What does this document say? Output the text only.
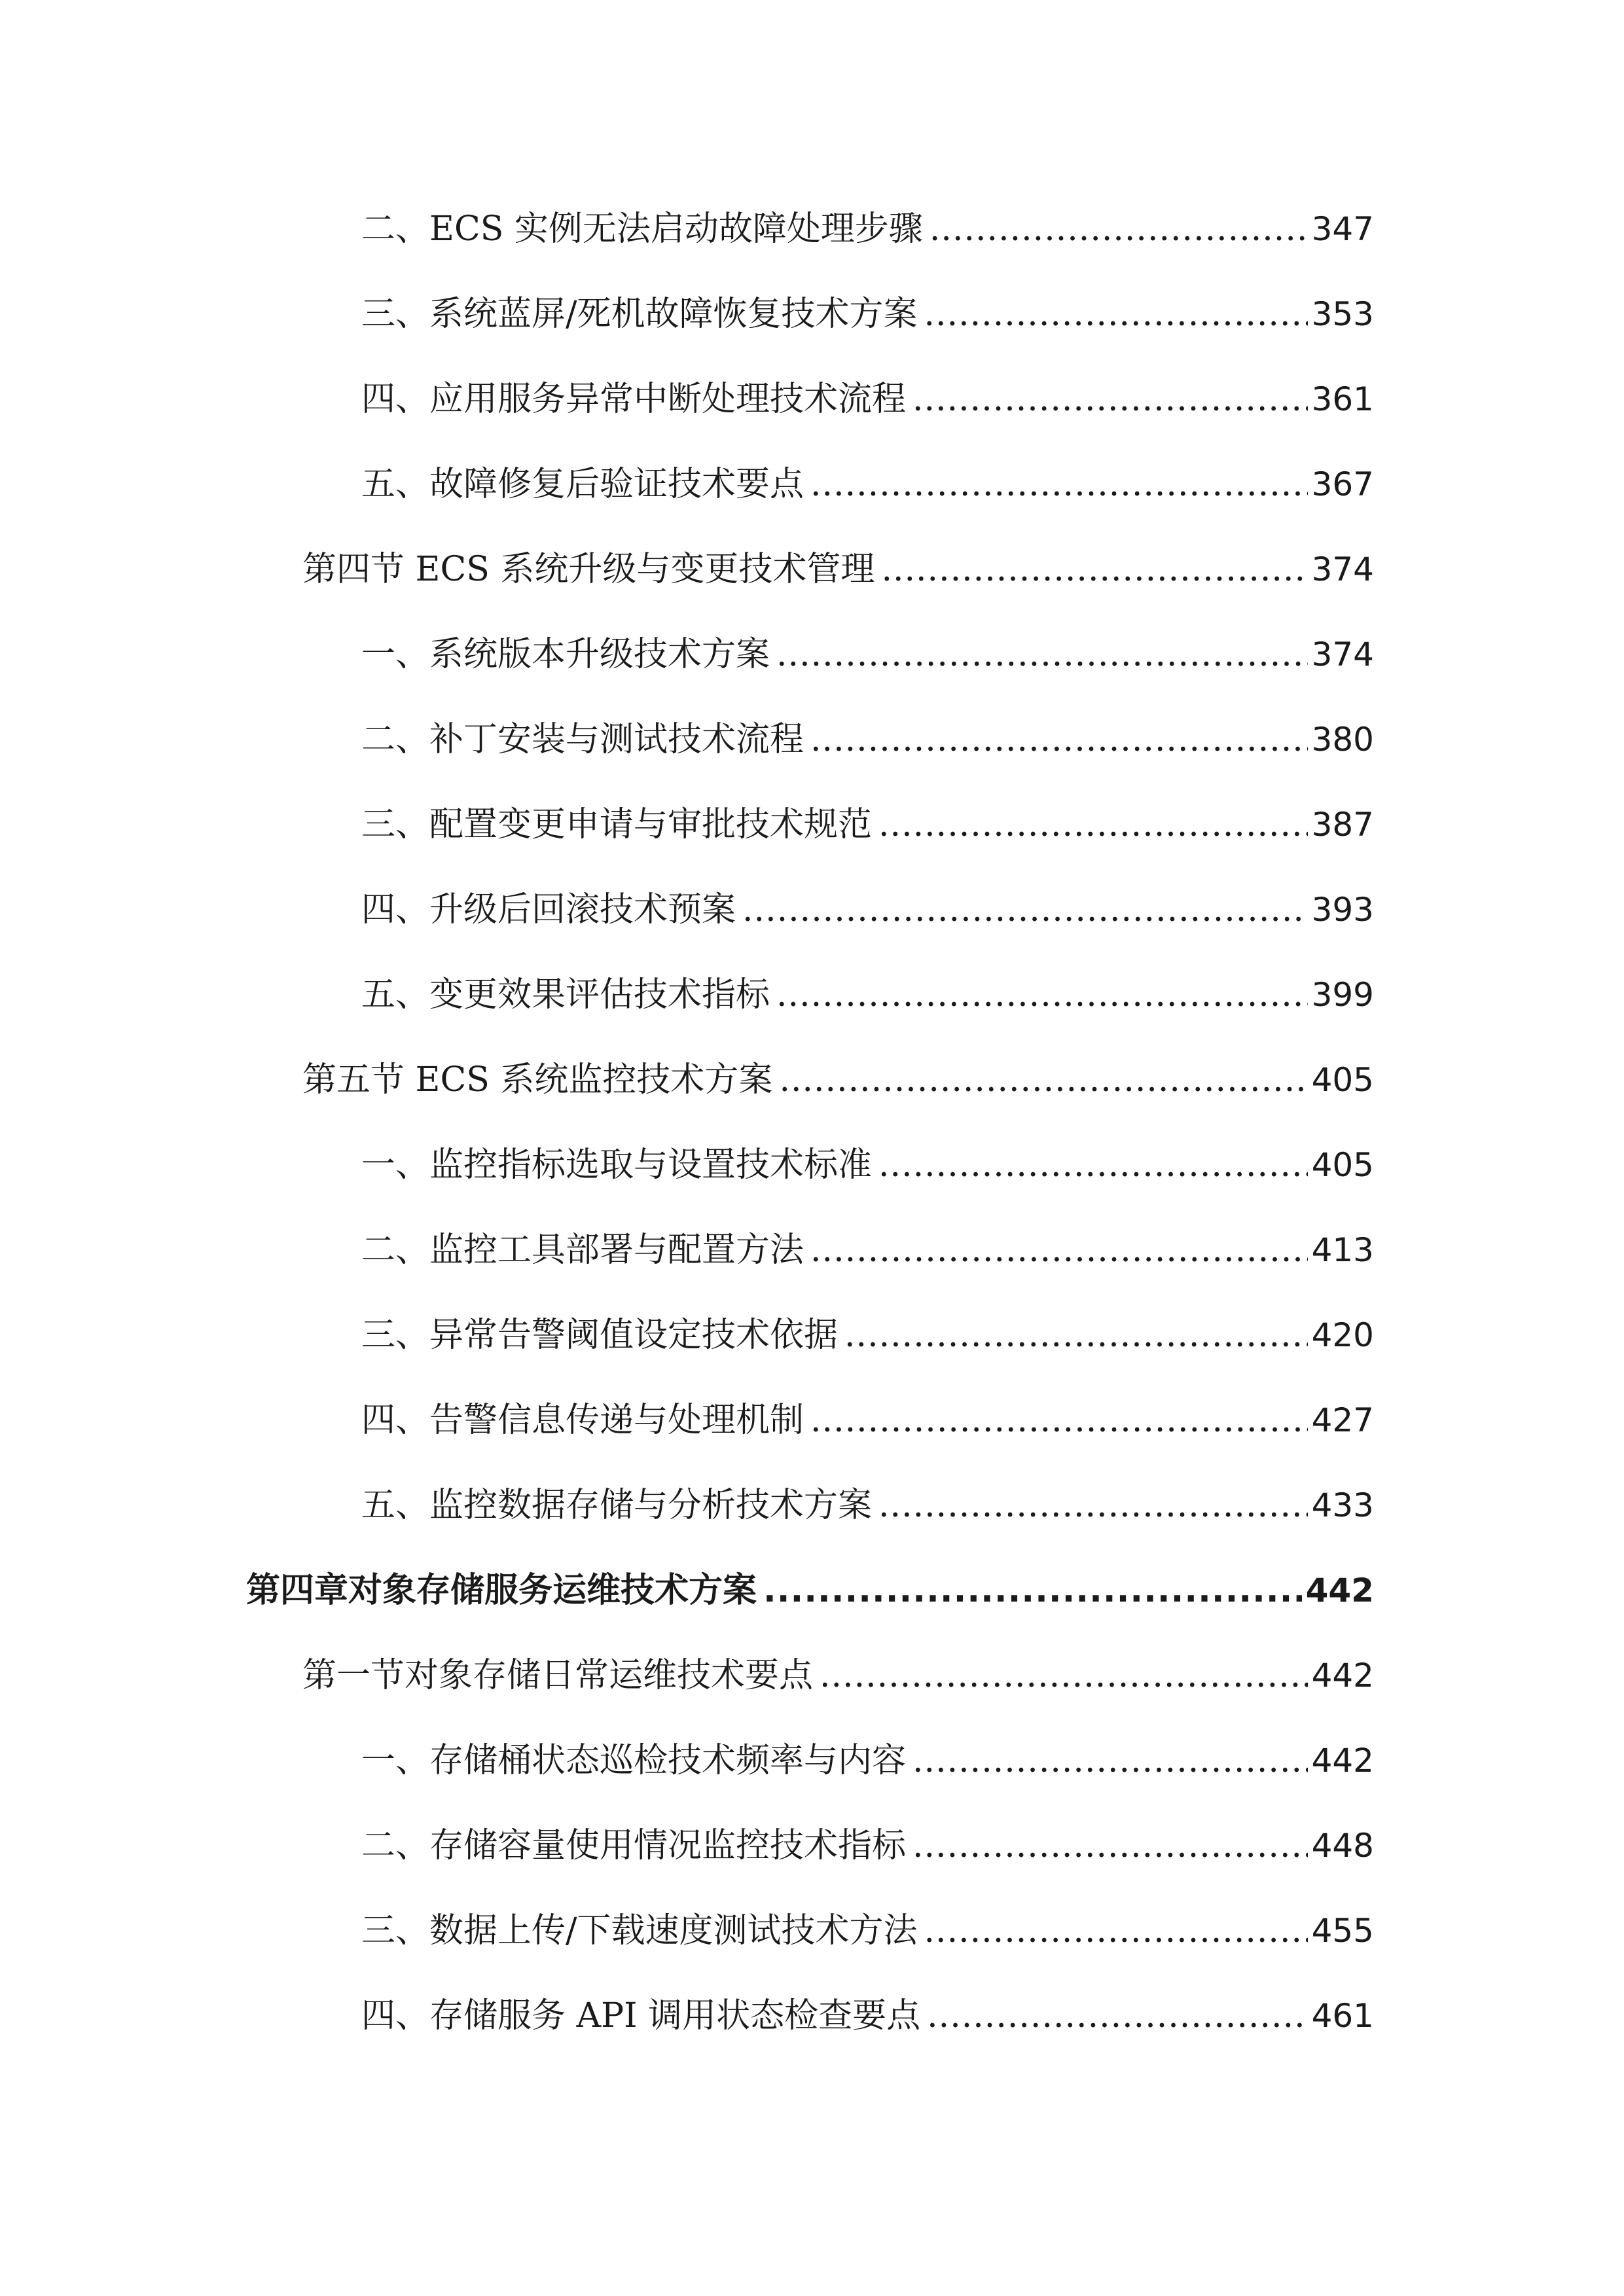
二、ECS 实例无法启动故障处理步骤 .....	347
三、系统蓝屏/死机故障恢复技术方案 .....	353
四、应用服务异常中断处理技术流程 .....	361
五、故障修复后验证技术要点 .....	367
第四节 ECS 系统升级与变更技术管理 .....	374
一、系统版本升级技术方案 .....	374
二、补丁安装与测试技术流程 .....	380
三、配置变更申请与审批技术规范 .....	387
四、升级后回滚技术预案 .....	393
五、变更效果评估技术指标 .....	399
第五节 ECS 系统监控技术方案 .....	405
一、监控指标选取与设置技术标准 .....	405
二、监控工具部署与配置方法 .....	413
三、异常告警阈值设定技术依据 .....	420
四、告警信息传递与处理机制 .....	427
五、监控数据存储与分析技术方案 .....	433
第四章对象存储服务运维技术方案 .....	442
第一节对象存储日常运维技术要点 .....	442
一、存储桶状态巡检技术频率与内容 .....	442
二、存储容量使用情况监控技术指标 .....	448
三、数据上传/下载速度测试技术方法 .....	455
四、存储服务 API 调用状态检查要点 .....	461
